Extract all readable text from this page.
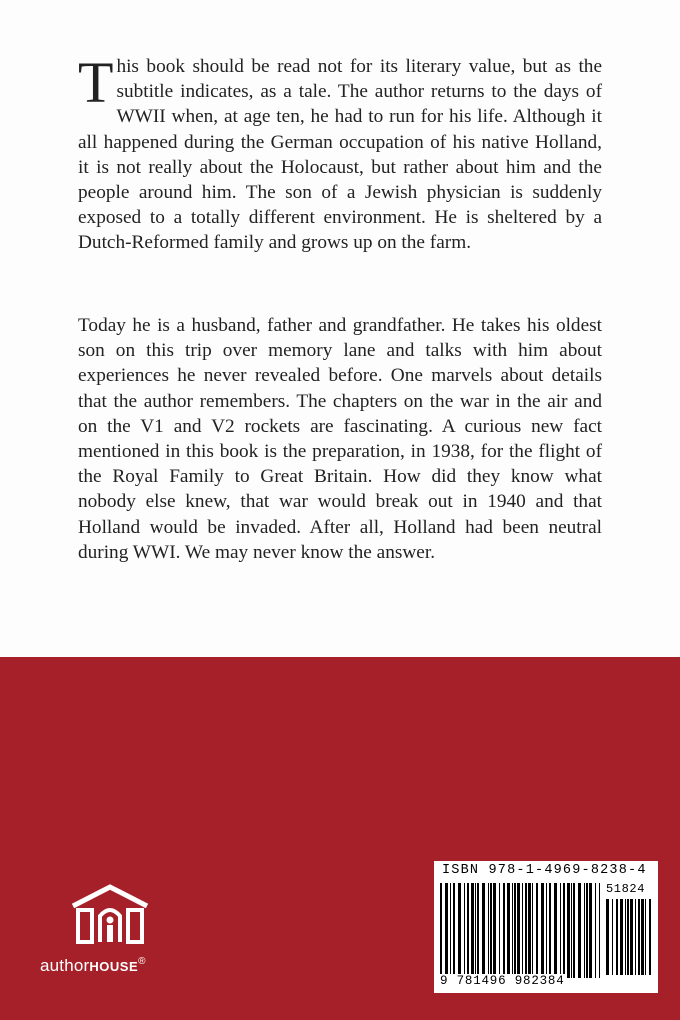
This book should be read not for its literary value, but as the subtitle indicates, as a tale. The author returns to the days of WWII when, at age ten, he had to run for his life. Although it all happened during the German occupation of his native Holland, it is not really about the Holocaust, but rather about him and the people around him. The son of a Jewish physician is suddenly exposed to a totally different environment. He is sheltered by a Dutch-Reformed family and grows up on the farm.

Today he is a husband, father and grandfather. He takes his oldest son on this trip over memory lane and talks with him about experiences he never revealed before. One marvels about details that the author remembers. The chapters on the war in the air and on the V1 and V2 rockets are fascinating. A curious new fact mentioned in this book is the preparation, in 1938, for the flight of the Royal Family to Great Britain. How did they know what nobody else knew, that war would break out in 1940 and that Holland would be invaded. After all, Holland had been neutral during WWI. We may never know the answer.

authorHOUSE®
ISBN 978-1-4969-8238-4
51824
9 781496 982384
